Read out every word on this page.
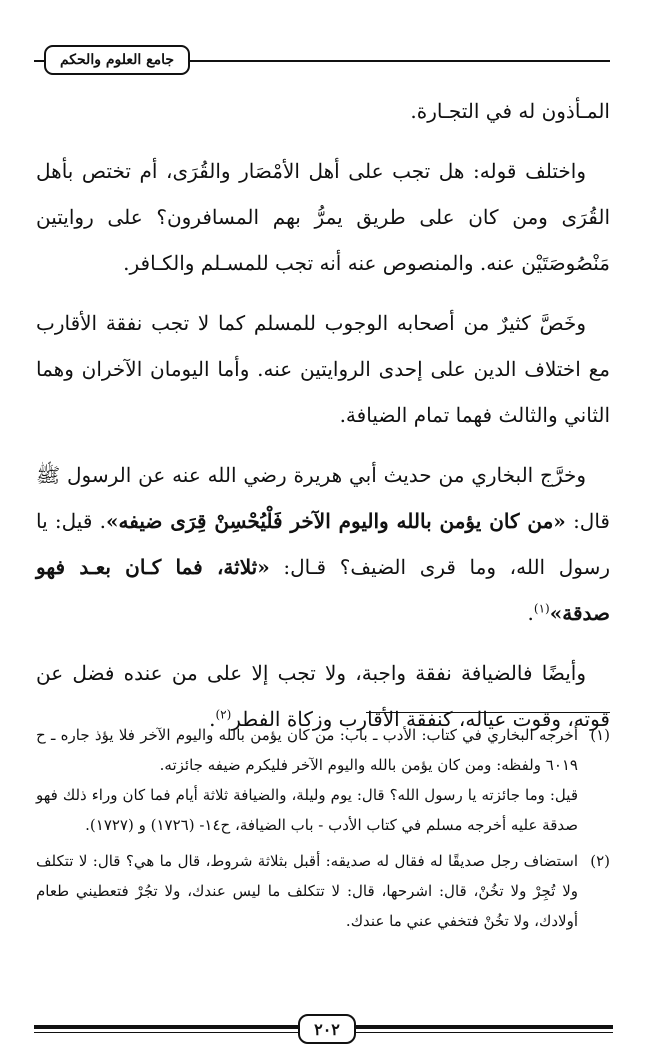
جامع العلوم والحكم

المـأذون له في التجـارة.

واختلف قوله: هل تجب على أهل الأمْصَار والقُرَى، أم تختص بأهل القُرَى ومن كان على طريق يمرُّ بهم المسافرون؟ على روايتين مَنْصُوصَتَيْن عنه. والمنصوص عنه أنه تجب للمسـلم والكـافر.

وخَصَّ كثيرٌ من أصحابه الوجوب للمسلم كما لا تجب نفقة الأقارب مع اختلاف الدين على إحدى الروايتين عنه. وأما اليومان الآخران وهما الثاني والثالث فهما تمام الضيافة.

وخرَّج البخاري من حديث أبي هريرة رضي الله عنه عن الرسول ﷺ قال: «من كان يؤمن بالله واليوم الآخر فَلْيُحْسِنْ قِرَى ضيفه». قيل: يا رسول الله، وما قرى الضيف؟ قـال: «ثلاثة، فما كـان بعـد فهو صدقة»$^{(١)}$.

وأيضًا فالضيافة نفقة واجبة، ولا تجب إلا على من عنده فضل عن قوته، وقوت عياله، كنفقة الأقارب وزكاة الفطر$^{(٢)}$.

(١)

أخرجه البخاري في كتاب: الأدب ـ باب: من كان يؤمن بالله واليوم الآخر فلا يؤذ جاره ـ ح ٦٠١٩ ولفظه: ومن كان يؤمن بالله واليوم الآخر فليكرم ضيفه جائزته.

قيل: وما جائزته يا رسول الله؟ قال: يوم وليلة، والضيافة ثلاثة أيام فما كان وراء ذلك فهو صدقة عليه أخرجه مسلم في كتاب الأدب - باب الضيافة، ح١٤- (١٧٢٦) و (١٧٢٧).

(٢)

استضاف رجل صديقًا له فقال له صديقه: أقبل بثلاثة شروط، قال ما هي؟ قال: لا تتكلف ولا تُجِرْ ولا تخُنْ، قال: اشرحها، قال: لا تتكلف ما ليس عندك، ولا تجُرْ فتعطيني طعام أولادك، ولا تخُنْ فتخفي عني ما عندك.

٢٠٢
